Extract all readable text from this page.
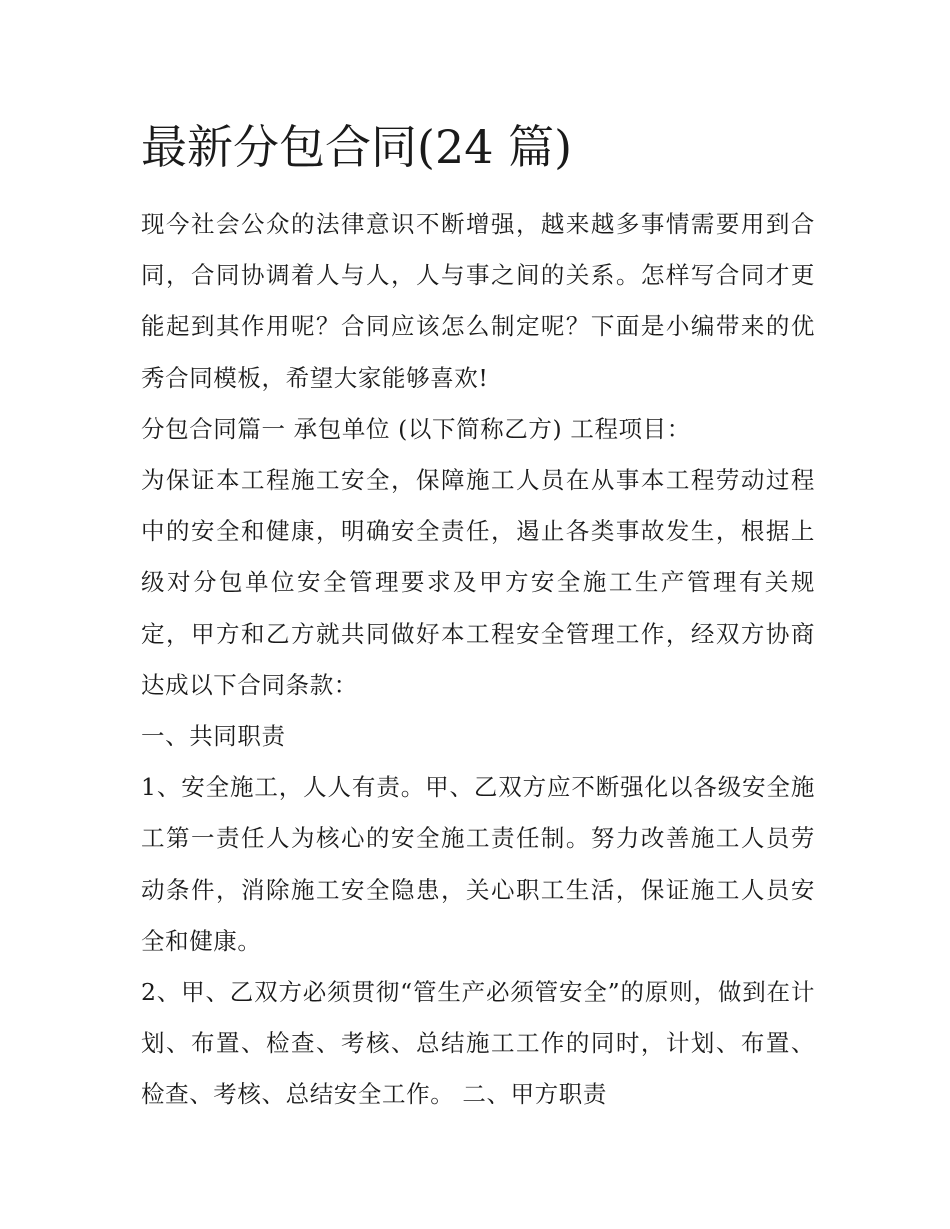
最新分包合同(24 篇)

现今社会公众的法律意识不断增强，越来越多事情需要用到合同，合同协调着人与人，人与事之间的关系。怎样写合同才更能起到其作用呢？合同应该怎么制定呢？下面是小编带来的优秀合同模板，希望大家能够喜欢!

分包合同篇一 承包单位 (以下简称乙方) 工程项目：

为保证本工程施工安全，保障施工人员在从事本工程劳动过程中的安全和健康，明确安全责任，遏止各类事故发生，根据上级对分包单位安全管理要求及甲方安全施工生产管理有关规定，甲方和乙方就共同做好本工程安全管理工作，经双方协商达成以下合同条款：

一、共同职责

1、安全施工，人人有责。甲、乙双方应不断强化以各级安全施工第一责任人为核心的安全施工责任制。努力改善施工人员劳动条件，消除施工安全隐患，关心职工生活，保证施工人员安全和健康。

2、甲、乙双方必须贯彻“管生产必须管安全”的原则，做到在计划、布置、检查、考核、总结施工工作的同时，计划、布置、检查、考核、总结安全工作。 二、甲方职责
